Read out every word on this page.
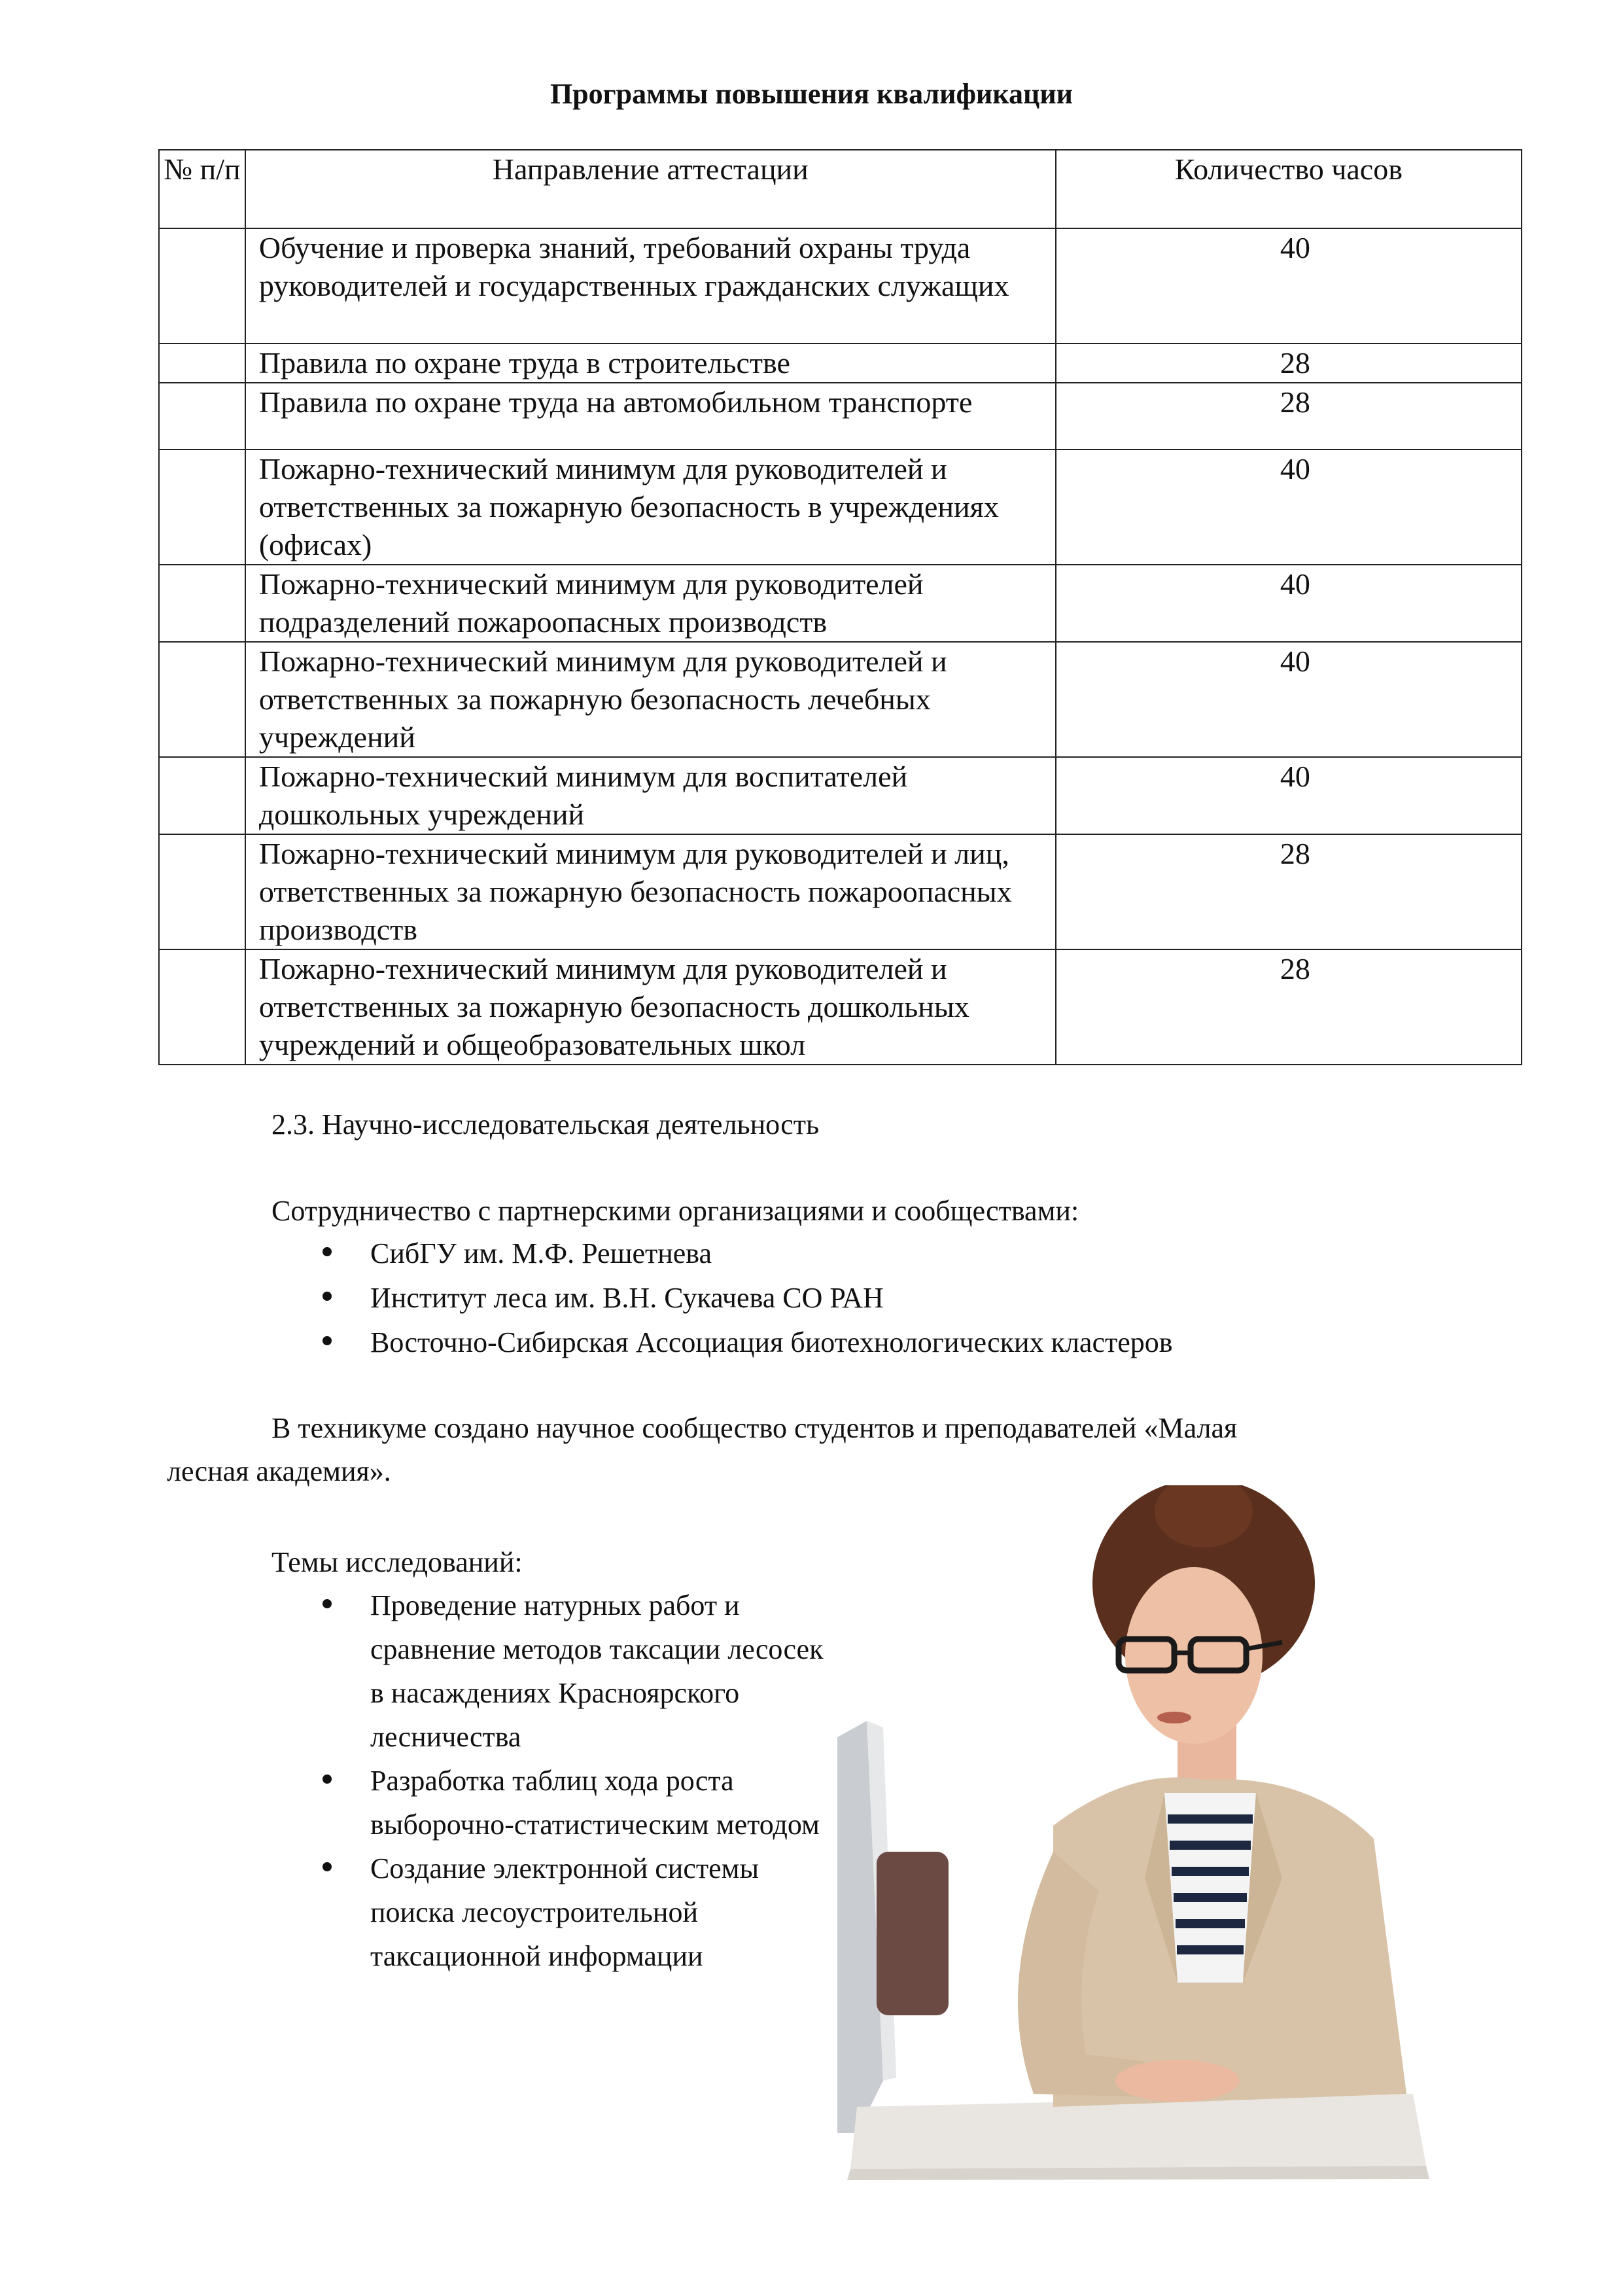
Программы повышения квалификации
№ п/п	Направление аттестации	Количество часов
	Обучение и проверка знаний, требований охраны труда руководителей и государственных гражданских служащих	40
	Правила по охране труда в строительстве	28
	Правила по охране труда на автомобильном транспорте	28
	Пожарно-технический минимум для руководителей и ответственных за пожарную безопасность в учреждениях (офисах)	40
	Пожарно-технический минимум для руководителей подразделений пожароопасных производств	40
	Пожарно-технический минимум для руководителей и ответственных за пожарную безопасность лечебных учреждений	40
	Пожарно-технический минимум для воспитателей дошкольных учреждений	40
	Пожарно-технический минимум для руководителей и лиц, ответственных за пожарную безопасность пожароопасных производств	28
	Пожарно-технический минимум для руководителей и ответственных за пожарную безопасность дошкольных учреждений и общеобразовательных школ	28
2.3. Научно-исследовательская деятельность
Сотрудничество с партнерскими организациями и сообществами:
СибГУ им. М.Ф. Решетнева
Институт леса им. В.Н. Сукачева СО РАН
Восточно-Сибирская Ассоциация биотехнологических кластеров
В техникуме создано научное сообщество студентов и преподавателей «Малая
лесная академия».
Темы исследований:
Проведение натурных работ и сравнение методов таксации лесосек в насаждениях Красноярского лесничества
Разработка таблиц хода роста выборочно-статистическим методом
Создание электронной системы поиска лесоустроительной таксационной информации
